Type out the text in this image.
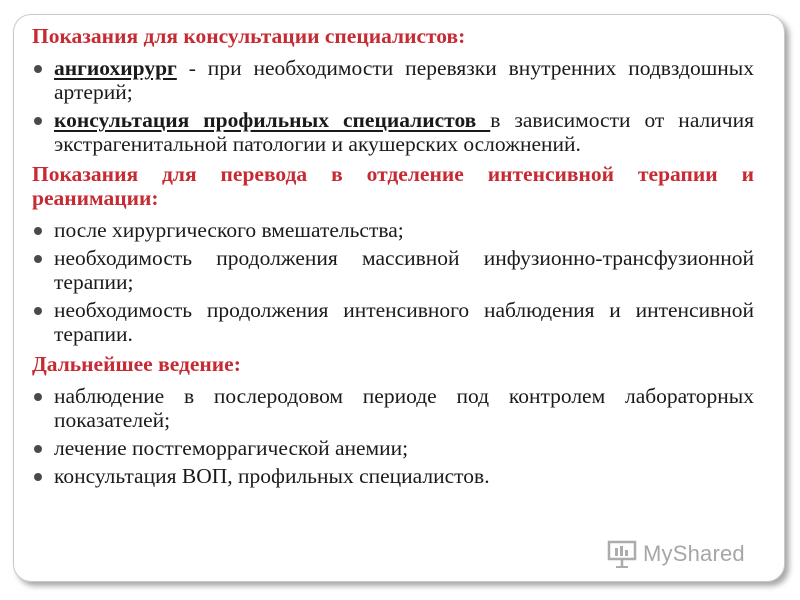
Показания для консультации специалистов:
ангиохирург - при необходимости перевязки внутренних подвздошных артерий;
консультация профильных специалистов в зависимости от наличия экстрагенитальной патологии и акушерских осложнений.
Показания для перевода в отделение интенсивной терапии и реанимации:
после хирургического вмешательства;
необходимость продолжения массивной инфузионно-трансфузионной терапии;
необходимость продолжения интенсивного наблюдения и интенсивной терапии.
Дальнейшее ведение:
наблюдение в послеродовом периоде под контролем лабораторных показателей;
лечение постгеморрагической анемии;
консультация ВОП, профильных специалистов.
MyShared
